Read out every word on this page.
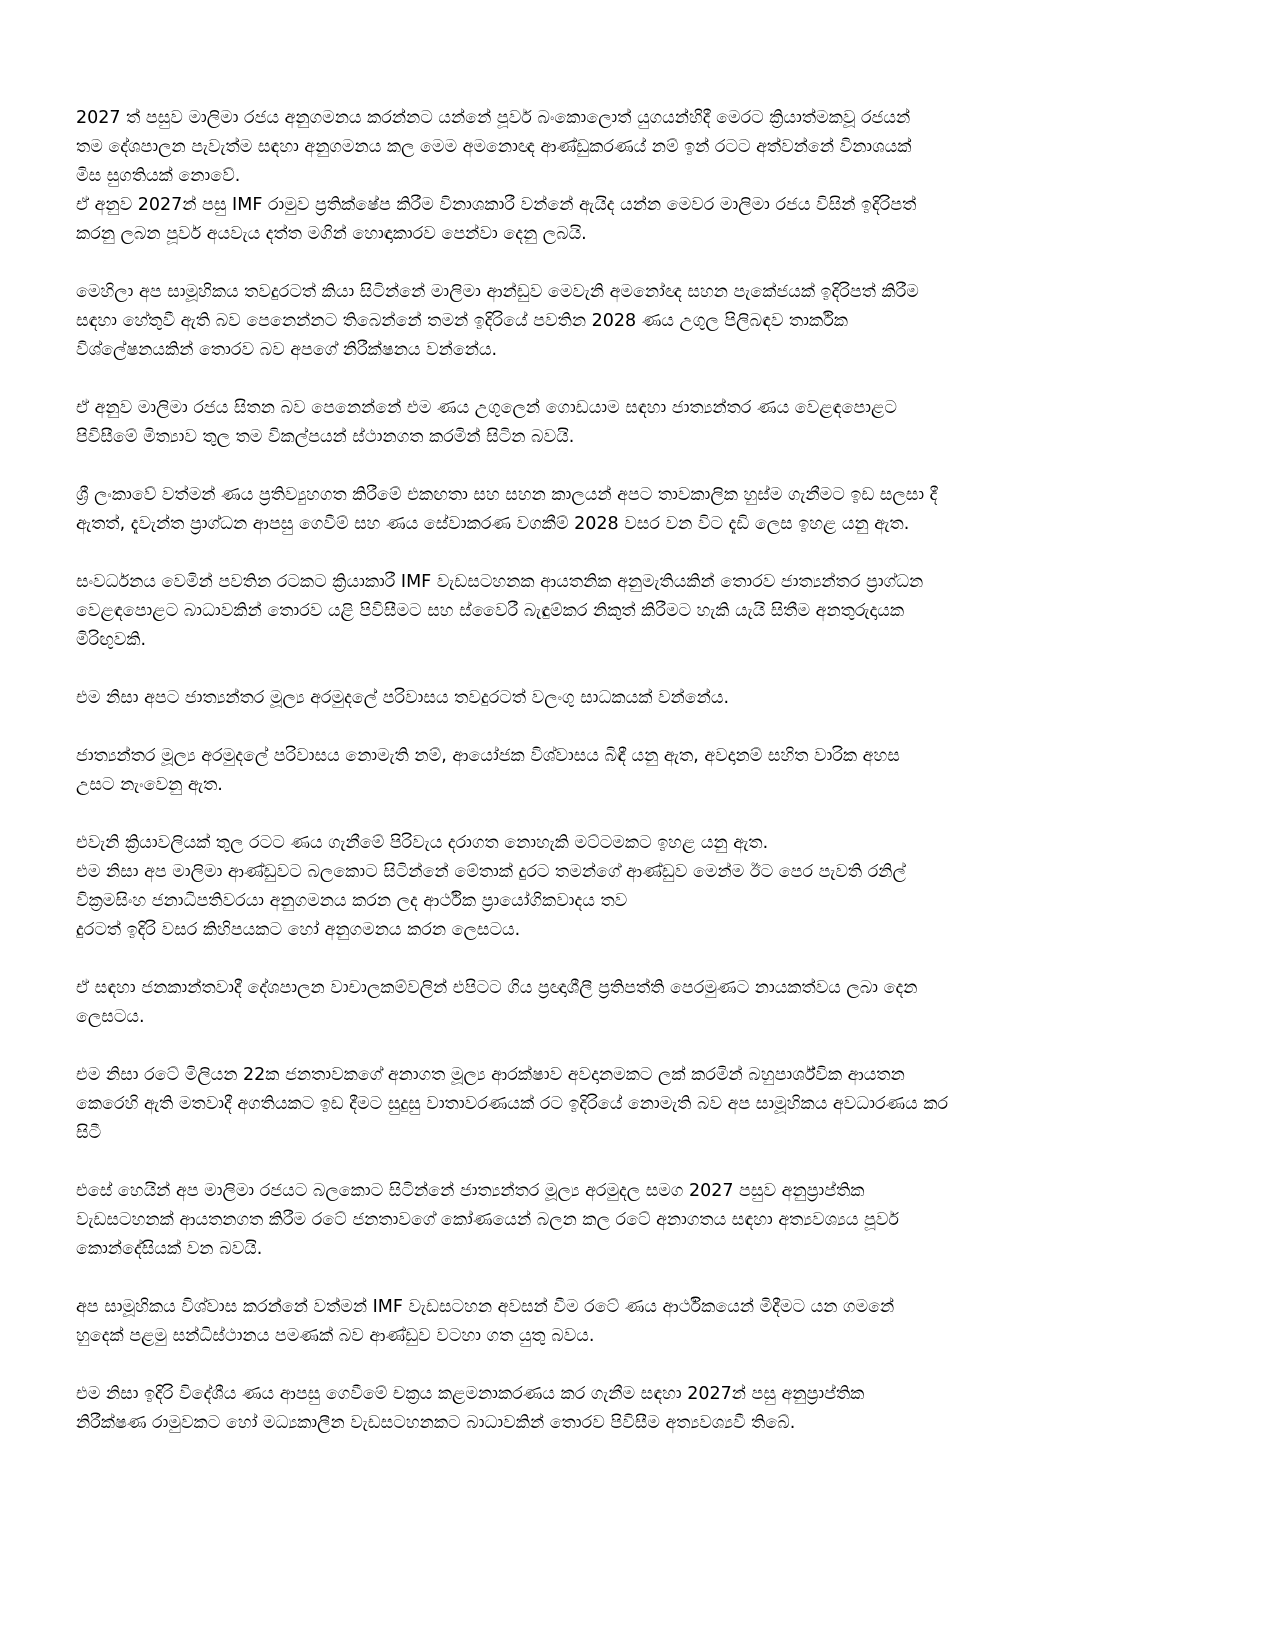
2027 ත් පසුව මාලිමා රජය අනුගමනය කරන්නට යන්නේ පූර්ව බංකොලොත් යුගයන්හිදී මෙරට ක්‍රියාත්මකවූ රජයන්
තම දේශපාලන පැවැත්ම සඳහා අනුගමනය කල මෙම අමනොඥ ආණ්ඩුකරණය් නම් ඉන් රටට අත්වන්නේ විනාශයක්
මිස සුගතියක් නොවේ.
ඒ අනුව 2027න් පසු IMF රාමුව ප්‍රතික්ෂේප කිරීම විනාශකාරී වන්නේ ඇයිද යන්න මෙවර මාලිමා රජය විසින් ඉදිරිපත්
කරනු ලබන පූර්ව අයවැය දත්ත මගින් හොඳාකාරව පෙන්වා දෙනු ලබයි.
මෙහිලා අප සාමූහිකය තවදුරටත් කියා සිටින්නේ මාලිමා ආන්ඩුව මෙවැනි අමනෝඥ සහන පැකේජයක් ඉදිරිපත් කිරීම
සඳහා හේතුවී ඇති බව පෙනෙන්නට තිබෙන්නේ තමන් ඉදිරියේ පවතින 2028 ණය උගුල පිලිබඳව තාර්කික
විශ්ලේෂනයකින් තොරව බව අපගේ නිරීක්ෂනය වන්නේය.
ඒ අනුව මාලිමා රජය සිතන බව පෙනෙන්නේ එම ණය උගුලෙන් ගොඩයාම සඳහා ජාත්‍යන්තර ණය වෙළඳපොළට
පිවිසීමේ මිත්‍යාව තුල තම විකල්පයන් ස්ථානගත කරමින් සිටින බවයි.
ශ්‍රී ලංකාවේ වත්මන් ණය ප්‍රතිව්‍යුහගත කිරීමේ එකඟතා සහ සහන කාලයන් අපට තාවකාලික හුස්ම ගැනීමට ඉඩ සලසා දී
ඇතත්, දැවැන්ත ප්‍රාග්ධන ආපසු ගෙවීම් සහ ණය සේවාකරණ වගකීම් 2028 වසර වන විට දැඩි ලෙස ඉහළ යනු ඇත.
සංවර්ධනය වෙමින් පවතින රටකට ක්‍රියාකාරී IMF වැඩසටහනක ආයතනික අනුමැතියකින් තොරව ජාත්‍යන්තර ප්‍රාග්ධන
වෙළඳපොළට බාධාවකින් තොරව යළි පිවිසීමට සහ ස්වෛරී බැඳුම්කර නිකුත් කිරීමට හැකි යැයි සිතීම අනතුරුදායක
මිරිඟුවකි.
එම නිසා අපට ජාත්‍යන්තර මූල්‍ය අරමුදලේ පරිවාසය තවදුරටත් වලංගු සාධකයක් වන්නේය.
ජාත්‍යන්තර මූල්‍ය අරමුදලේ පරිවාසය නොමැති නම්, ආයෝජක විශ්වාසය බිඳී යනු ඇත, අවදානම් සහිත වාරික අහස
උසට නැංවෙනු ඇත.
එවැනි ක්‍රියාවලියක් තුල රටට ණය ගැනීමේ පිරිවැය දරාගත නොහැකි මට්ටමකට ඉහළ යනු ඇත.
එම නිසා අප මාලිමා ආණ්ඩුවට බලකොට සිටින්නේ මේතාක් දුරට තමන්ගේ ආණ්ඩුව මෙන්ම ඊට පෙර පැවති රනිල්
වික්‍රමසිංහ ජනාධිපතිවරයා අනුගමනය කරන ලද ආර්ථික ප්‍රායෝගිකවාදය තව
දුරටත් ඉදිරි වසර කිහිපයකට හෝ අනුගමනය කරන ලෙසටය.
ඒ සඳහා ජනකාන්තවාදී දේශපාලන වාචාලකම්වලින් එපිටට ගිය ප්‍රඥාශීලී ප්‍රතිපත්ති පෙරමුණට නායකත්වය ලබා දෙන
ලෙසටය.
එම නිසා රටේ මිලියන 22ක ජනතාවකගේ අනාගත මූල්‍ය ආරක්ෂාව අවදානමකට ලක් කරමින් බහුපාර්ශ්වික ආයතන
කෙරෙහි ඇති මතවාදී අගතියකට ඉඩ දීමට සුදුසු වාතාවරණයක් රට ඉදිරියේ නොමැති බව අප සාමූහිකය අවධාරණය කර
සිටී
එසේ හෙයින් අප මාලිමා රජයට බලකොට සිටින්නේ ජාත්‍යන්තර මූල්‍ය අරමුදල සමග 2027 පසුව අනුප්‍රාප්තික
වැඩසටහනක් ආයතනගත කිරීම රටේ ජනතාවගේ කෝණයෙන් බලන කල රටේ අනාගතය සඳහා අත්‍යවශ්‍යය පූර්ව
කොන්දේසියක් වන බවයි.
අප සාමූහිකය විශ්වාස කරන්නේ වත්මන් IMF වැඩසටහන අවසන් වීම රටේ ණය ආර්ථිකයෙන් මිදීමට යන ගමනේ
හුදෙක් පළමු සන්ධිස්ථානය පමණක් බව ආණ්ඩුව වටහා ගත යුතු බවය.
එම නිසා ඉදිරි විදේශීය ණය ආපසු ගෙවීමේ චක්‍රය කළමනාකරණය කර ගැනීම සඳහා 2027න් පසු අනුප්‍රාප්තික
නිරීක්ෂණ රාමුවකට හෝ මධ්‍යකාලීන වැඩසටහනකට බාධාවකින් තොරව පිවිසීම අත්‍යවශ්‍යවී තිබේ.
